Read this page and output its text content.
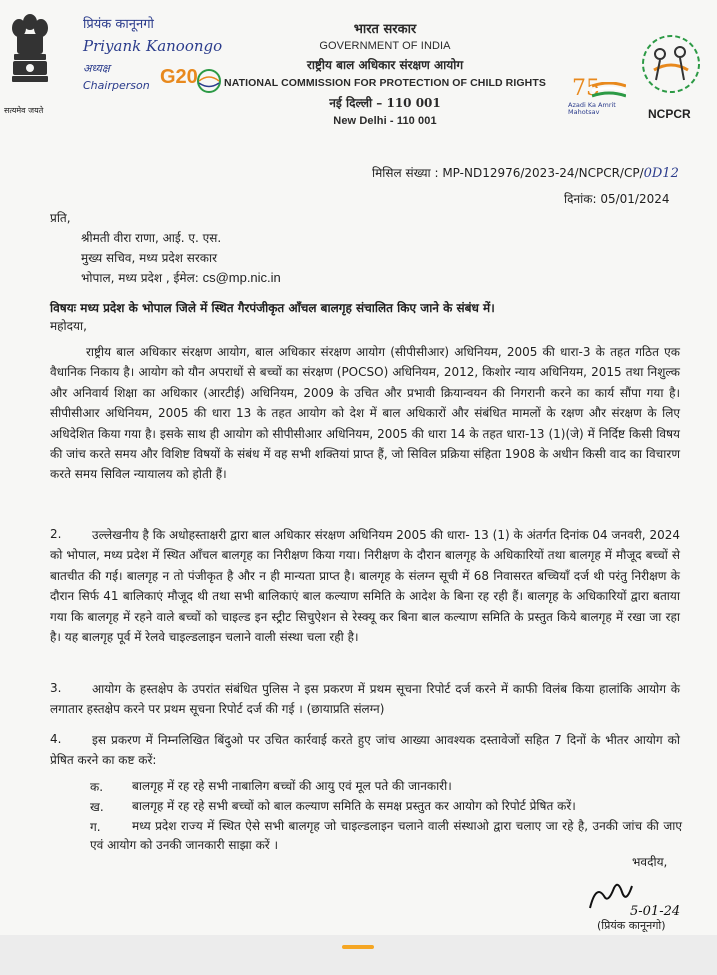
सत्यमेव जयते
प्रियंक कानूनगो
Priyank Kanoongo
अध्यक्ष
Chairperson G20
भारत सरकार
GOVERNMENT OF INDIA
राष्ट्रीय बाल अधिकार संरक्षण आयोग
NATIONAL COMMISSION FOR PROTECTION OF CHILD RIGHTS
नई दिल्ली – 110 001
New Delhi - 110 001
75
Azadi Ka Amrit Mahotsav	NCPCR
मिसिल संख्या : MP-ND12976/2023-24/NCPCR/CP/0D12
दिनांक: 05/01/2024
प्रति,
श्रीमती वीरा राणा, आई. ए. एस.
मुख्य सचिव, मध्य प्रदेश सरकार
भोपाल, मध्य प्रदेश , ईमेल: cs@mp.nic.in
विषयः मध्य प्रदेश के भोपाल जिले में स्थित गैरपंजीकृत आँचल बालगृह संचालित किए जाने के संबंध में।
महोदया,

राष्ट्रीय बाल अधिकार संरक्षण आयोग, बाल अधिकार संरक्षण आयोग (सीपीसीआर) अधिनियम, 2005 की धारा-3 के तहत गठित एक वैधानिक निकाय है। आयोग को यौन अपराधों से बच्चों का संरक्षण (POCSO) अधिनियम, 2012, किशोर न्याय अधिनियम, 2015 तथा निशुल्क और अनिवार्य शिक्षा का अधिकार (आरटीई) अधिनियम, 2009 के उचित और प्रभावी क्रियान्वयन की निगरानी करने का कार्य सौंपा गया है। सीपीसीआर अधिनियम, 2005 की धारा 13 के तहत आयोग को देश में बाल अधिकारों और संबंधित मामलों के रक्षण और संरक्षण के लिए अधिदेशित किया गया है। इसके साथ ही आयोग को सीपीसीआर अधिनियम, 2005 की धारा 14 के तहत धारा-13 (1)(जे) में निर्दिष्ट किसी विषय की जांच करते समय और विशिष्ट विषयों के संबंध में वह सभी शक्तियां प्राप्त हैं, जो सिविल प्रक्रिया संहिता 1908 के अधीन किसी वाद का विचारण करते समय सिविल न्यायालय को होती हैं।

2.	उल्लेखनीय है कि अधोहस्ताक्षरी द्वारा बाल अधिकार संरक्षण अधिनियम 2005 की धारा- 13 (1) के अंतर्गत दिनांक 04 जनवरी, 2024 को भोपाल, मध्य प्रदेश में स्थित आँचल बालगृह का निरीक्षण किया गया। निरीक्षण के दौरान बालगृह के अधिकारियों तथा बालगृह में मौजूद बच्चों से बातचीत की गई। बालगृह न तो पंजीकृत है और न ही मान्यता प्राप्त है। बालगृह के संलग्न सूची में 68 निवासरत बच्चियाँ दर्ज थी परंतु निरीक्षण के दौरान सिर्फ 41 बालिकाएं मौजूद थी तथा सभी बालिकाएं बाल कल्याण समिति के आदेश के बिना रह रही हैं। बालगृह के अधिकारियों द्वारा बताया गया कि बालगृह में रहने वाले बच्चों को चाइल्ड इन स्ट्रीट सिचुऐशन से रेस्क्यू कर बिना बाल कल्याण समिति के प्रस्तुत किये बालगृह में रखा जा रहा है। यह बालगृह पूर्व में रेलवे चाइल्डलाइन चलाने वाली संस्था चला रही है।

3.	आयोग के हस्तक्षेप के उपरांत संबंधित पुलिस ने इस प्रकरण में प्रथम सूचना रिपोर्ट दर्ज करने में काफी विलंब किया हालांकि आयोग के लगातार हस्तक्षेप करने पर प्रथम सूचना रिपोर्ट दर्ज की गई । (छायाप्रति संलग्न)

4.	इस प्रकरण में निम्नलिखित बिंदुओ पर उचित कार्रवाई करते हुए जांच आख्या आवश्यक दस्तावेजों सहित 7 दिनों के भीतर आयोग को प्रेषित करने का कष्ट करें:

क. बालगृह में रह रहे सभी नाबालिग बच्चों की आयु एवं मूल पते की जानकारी।
ख. बालगृह में रह रहे सभी बच्चों को बाल कल्याण समिति के समक्ष प्रस्तुत कर आयोग को रिपोर्ट प्रेषित करें।
ग.	मध्य प्रदेश राज्य में स्थित ऐसे सभी बालगृह जो चाइल्डलाइन चलाने वाली संस्थाओ द्वारा चलाए जा रहे है, उनकी जांच की जाए एवं आयोग को उनकी जानकारी साझा करें ।
भवदीय,
5-01-24
(प्रियंक कानूनगो)
